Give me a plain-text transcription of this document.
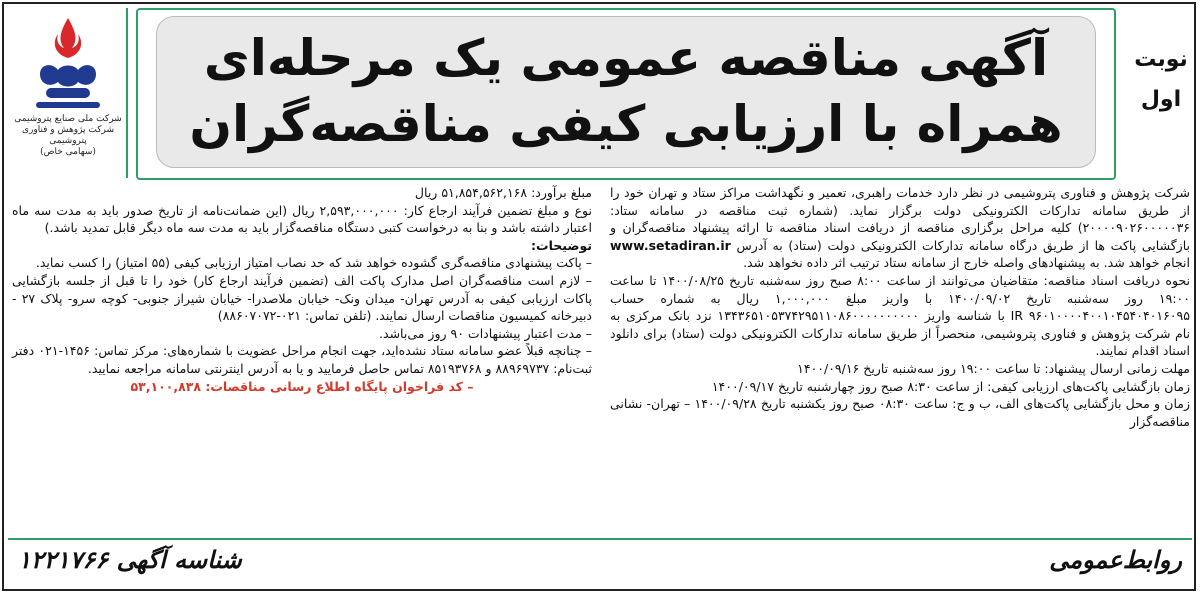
شرکت ملی صنایع پتروشیمی
شرکت پژوهش و فناوری پتروشیمی
(سهامی خاص)
آگهی مناقصه عمومی یک مرحله‌ای
همراه با ارزیابی کیفی مناقصه‌گران
نوبت
اول

شرکت پژوهش و فناوری پتروشیمی در نظر دارد خدمات راهبری، تعمیر و نگهداشت مراکز ستاد و تهران خود را از طریق سامانه تدارکات الکترونیکی دولت برگزار نماید. (شماره ثبت مناقصه در سامانه ستاد: ۲۰۰۰۰۹۰۲۶۰۰۰۰۰۳۶) کلیه مراحل برگزاری مناقصه از دریافت اسناد مناقصه تا ارائه پیشنهاد مناقصه‌گران و بازگشایی پاکت ها از طریق درگاه سامانه تدارکات الکترونیکی دولت (ستاد) به آدرس www.setadiran.ir انجام خواهد شد. به پیشنهادهای واصله خارج از سامانه ستاد ترتیب اثر داده نخواهد شد.

نحوه دریافت اسناد مناقصه: متقاضیان می‌توانند از ساعت ۸:۰۰ صبح روز سه‌شنبه تاریخ ۱۴۰۰/۰۸/۲۵ تا ساعت ۱۹:۰۰ روز سه‌شنبه تاریخ ۱۴۰۰/۰۹/۰۲ با واریز مبلغ ۱,۰۰۰,۰۰۰ ریال به شماره حساب ۹۶۰۱۰۰۰۰۴۰۰۱۰۴۵۴۰۴۰۱۶۰۹۵ IR با شناسه واریز ۱۳۴۳۶۵۱۰۵۳۷۴۲۹۵۱۱۰۸۶۰۰۰۰۰۰۰۰۰۰ نزد بانک مرکزی به نام شرکت پژوهش و فناوری پتروشیمی، منحصراً از طریق سامانه تدارکات الکترونیکی دولت (ستاد) برای دانلود اسناد اقدام نمایند.

مهلت زمانی ارسال پیشنهاد: تا ساعت ۱۹:۰۰ روز سه‌شنبه تاریخ ۱۴۰۰/۰۹/۱۶

زمان بازگشایی پاکت‌های ارزیابی کیفی: از ساعت ۸:۳۰ صبح روز چهارشنبه تاریخ ۱۴۰۰/۰۹/۱۷

زمان و محل بازگشایی پاکت‌های الف، ب و ج: ساعت ۰۸:۳۰ صبح روز یکشنبه تاریخ ۱۴۰۰/۰۹/۲۸ – تهران- نشانی مناقصه‌گزار

مبلغ برآورد: ۵۱,۸۵۴,۵۶۲,۱۶۸ ریال

نوع و مبلغ تضمین فرآیند ارجاع کار: ۲,۵۹۳,۰۰۰,۰۰۰ ریال (این ضمانت‌نامه از تاریخ صدور باید به مدت سه ماه اعتبار داشته باشد و بنا به درخواست کتبی دستگاه مناقصه‌گزار باید به مدت سه ماه دیگر قابل تمدید باشد.)

توضیحات:

– پاکت پیشنهادی مناقصه‌گری گشوده خواهد شد که حد نصاب امتیاز ارزیابی کیفی (۵۵ امتیاز) را کسب نماید.

– لازم است مناقصه‌گران اصل مدارک پاکت الف (تضمین فرآیند ارجاع کار) خود را تا قبل از جلسه بازگشایی پاکات ارزیابی کیفی به آدرس تهران- میدان ونک- خیابان ملاصدرا- خیابان شیراز جنوبی- کوچه سرو- پلاک ۲۷ - دبیرخانه کمیسیون مناقصات ارسال نمایند. (تلفن تماس: ۰۲۱-۸۸۶۰۷۰۷۲)

– مدت اعتبار پیشنهادات ۹۰ روز می‌باشد.

– چنانچه قبلاً عضو سامانه ستاد نشده‌اید، جهت انجام مراحل عضویت با شماره‌های: مرکز تماس: ۱۴۵۶-۰۲۱ دفتر ثبت‌نام: ۸۸۹۶۹۷۳۷ و ۸۵۱۹۳۷۶۸ تماس حاصل فرمایید و یا به آدرس اینترنتی سامانه مراجعه نمایید.

– کد فراخوان پایگاه اطلاع رسانی مناقصات: ۵۳,۱۰۰,۸۳۸

روابط‌عمومی
شناسه آگهی ۱۲۲۱۷۶۶
